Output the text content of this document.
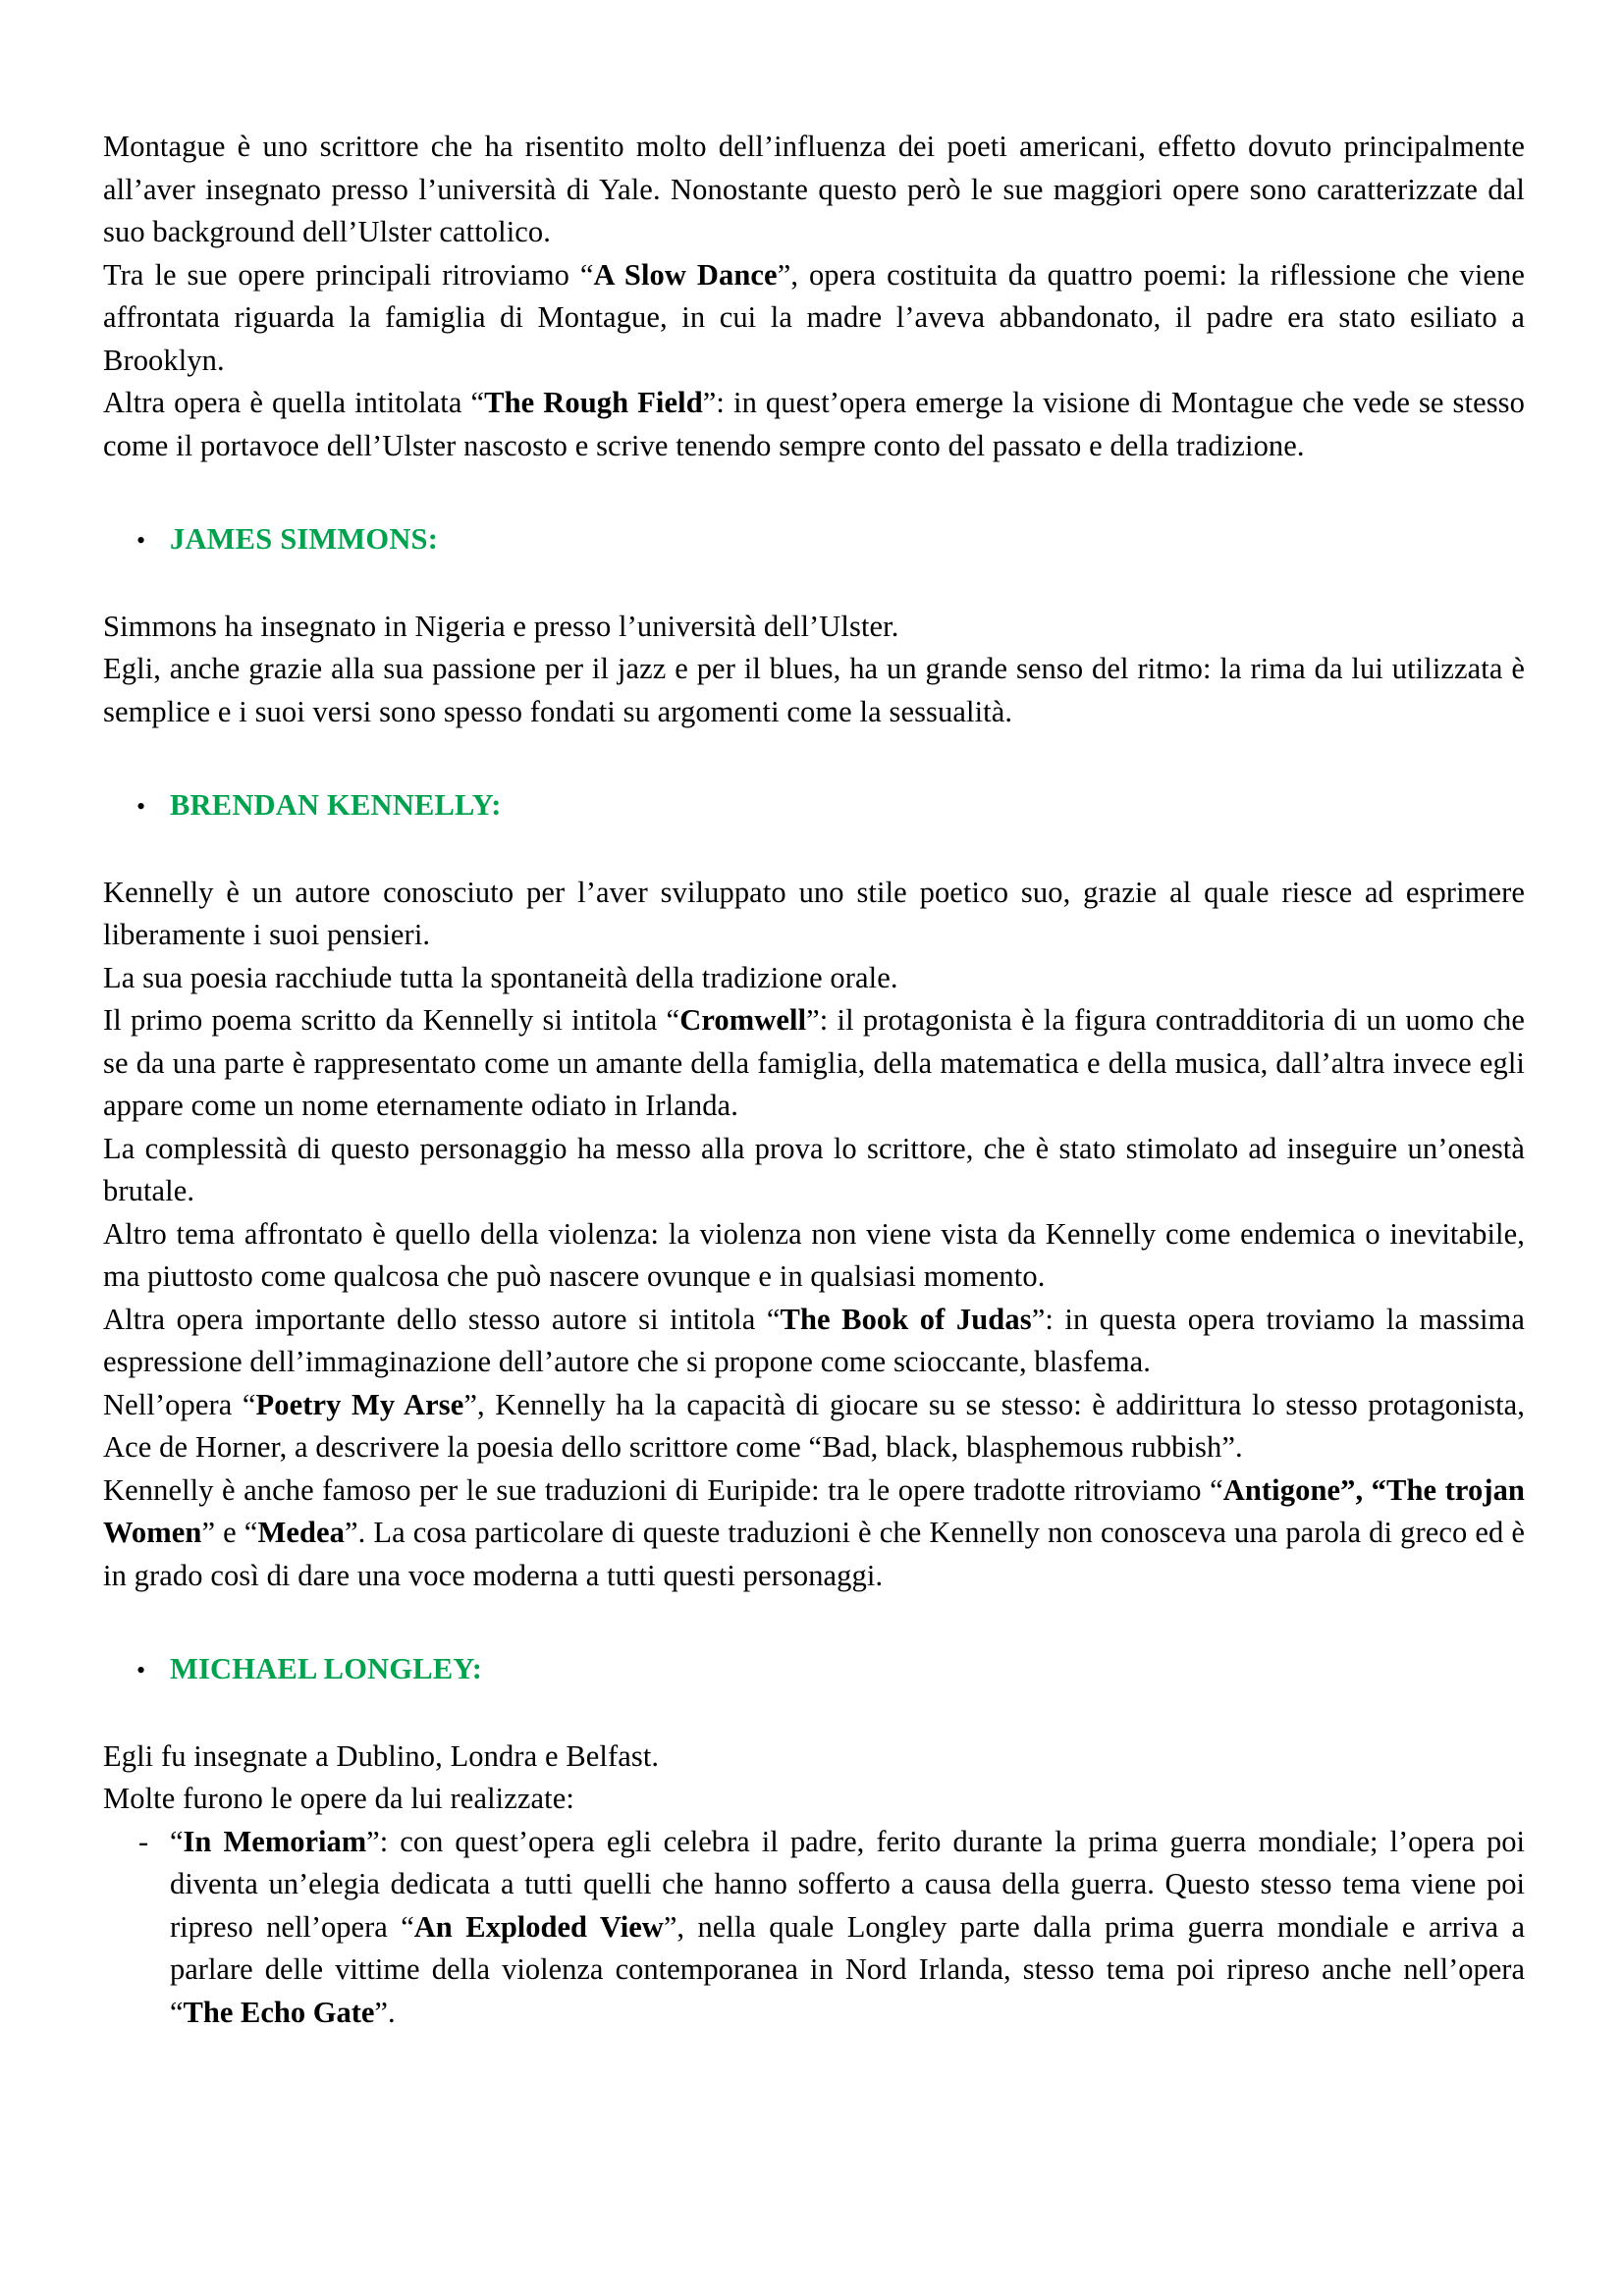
Montague è uno scrittore che ha risentito molto dell’influenza dei poeti americani, effetto dovuto principalmente all’aver insegnato presso l’università di Yale. Nonostante questo però le sue maggiori opere sono caratterizzate dal suo background dell’Ulster cattolico.

Tra le sue opere principali ritroviamo “A Slow Dance”, opera costituita da quattro poemi: la riflessione che viene affrontata riguarda la famiglia di Montague, in cui la madre l’aveva abbandonato, il padre era stato esiliato a Brooklyn.

Altra opera è quella intitolata “The Rough Field”: in quest’opera emerge la visione di Montague che vede se stesso come il portavoce dell’Ulster nascosto e scrive tenendo sempre conto del passato e della tradizione.

• JAMES SIMMONS:

Simmons ha insegnato in Nigeria e presso l’università dell’Ulster.

Egli, anche grazie alla sua passione per il jazz e per il blues, ha un grande senso del ritmo: la rima da lui utilizzata è semplice e i suoi versi sono spesso fondati su argomenti come la sessualità.

• BRENDAN KENNELLY:

Kennelly è un autore conosciuto per l’aver sviluppato uno stile poetico suo, grazie al quale riesce ad esprimere liberamente i suoi pensieri.

La sua poesia racchiude tutta la spontaneità della tradizione orale.

Il primo poema scritto da Kennelly si intitola “Cromwell”: il protagonista è la figura contradditoria di un uomo che se da una parte è rappresentato come un amante della famiglia, della matematica e della musica, dall’altra invece egli appare come un nome eternamente odiato in Irlanda.

La complessità di questo personaggio ha messo alla prova lo scrittore, che è stato stimolato ad inseguire un’onestà brutale.

Altro tema affrontato è quello della violenza: la violenza non viene vista da Kennelly come endemica o inevitabile, ma piuttosto come qualcosa che può nascere ovunque e in qualsiasi momento.

Altra opera importante dello stesso autore si intitola “The Book of Judas”: in questa opera troviamo la massima espressione dell’immaginazione dell’autore che si propone come scioccante, blasfema.

Nell’opera “Poetry My Arse”, Kennelly ha la capacità di giocare su se stesso: è addirittura lo stesso protagonista, Ace de Horner, a descrivere la poesia dello scrittore come “Bad, black, blasphemous rubbish”.

Kennelly è anche famoso per le sue traduzioni di Euripide: tra le opere tradotte ritroviamo “Antigone”, “The trojan Women” e “Medea”. La cosa particolare di queste traduzioni è che Kennelly non conosceva una parola di greco ed è in grado così di dare una voce moderna a tutti questi personaggi.

• MICHAEL LONGLEY:

Egli fu insegnate a Dublino, Londra e Belfast.

Molte furono le opere da lui realizzate:

- “In Memoriam”: con quest’opera egli celebra il padre, ferito durante la prima guerra mondiale; l’opera poi diventa un’elegia dedicata a tutti quelli che hanno sofferto a causa della guerra. Questo stesso tema viene poi ripreso nell’opera “An Exploded View”, nella quale Longley parte dalla prima guerra mondiale e arriva a parlare delle vittime della violenza contemporanea in Nord Irlanda, stesso tema poi ripreso anche nell’opera “The Echo Gate”.
